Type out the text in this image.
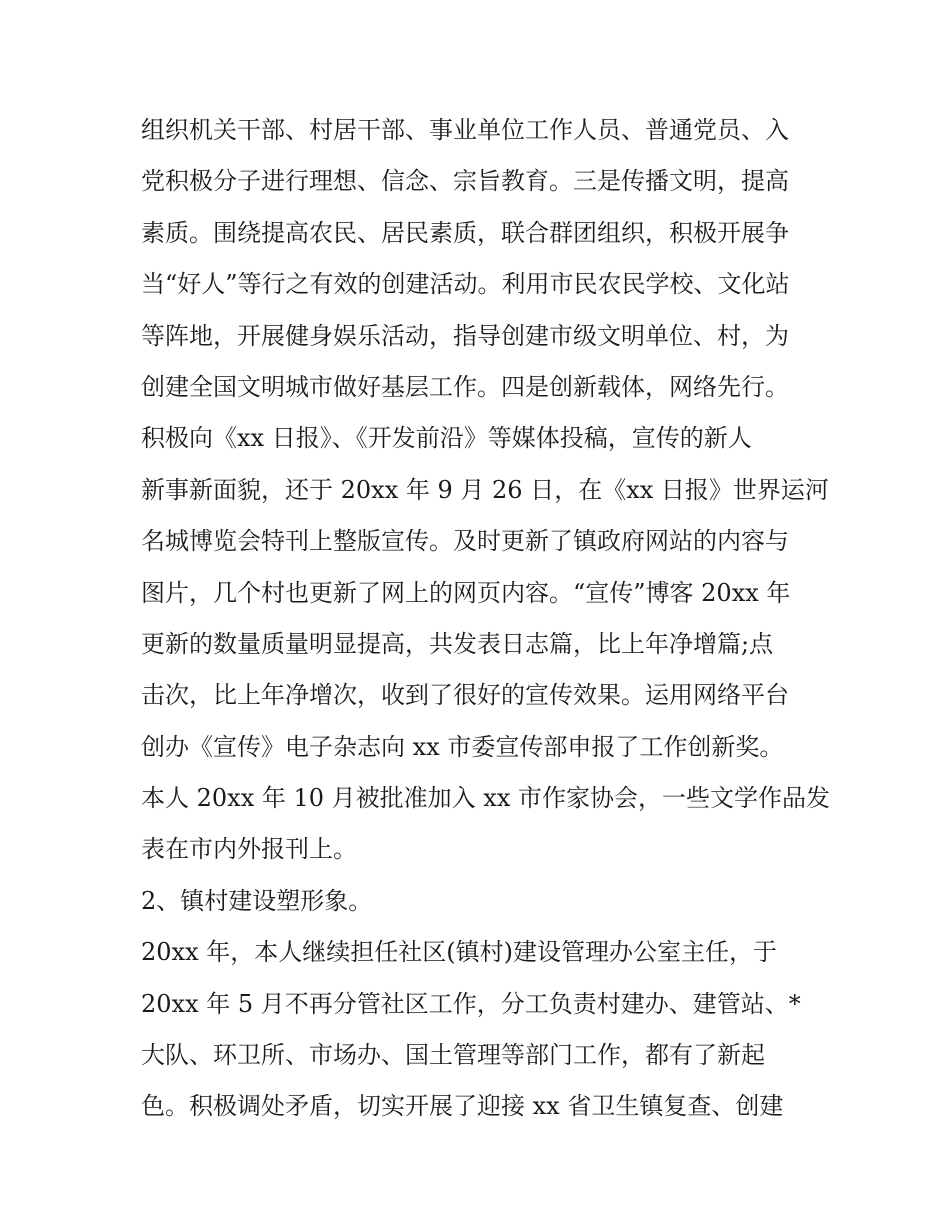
组织机关干部、村居干部、事业单位工作人员、普通党员、入
党积极分子进行理想、信念、宗旨教育。三是传播文明，提高
素质。围绕提高农民、居民素质，联合群团组织，积极开展争
当“好人”等行之有效的创建活动。利用市民农民学校、文化站
等阵地，开展健身娱乐活动，指导创建市级文明单位、村，为
创建全国文明城市做好基层工作。四是创新载体，网络先行。
积极向《xx 日报》、《开发前沿》等媒体投稿，宣传的新人
新事新面貌，还于 20xx 年 9 月 26 日，在《xx 日报》世界运河
名城博览会特刊上整版宣传。及时更新了镇政府网站的内容与
图片，几个村也更新了网上的网页内容。“宣传”博客 20xx 年
更新的数量质量明显提高，共发表日志篇，比上年净增篇;点
击次，比上年净增次，收到了很好的宣传效果。运用网络平台
创办《宣传》电子杂志向 xx 市委宣传部申报了工作创新奖。
本人 20xx 年 10 月被批准加入 xx 市作家协会，一些文学作品发
表在市内外报刊上。
2、镇村建设塑形象。
20xx 年，本人继续担任社区(镇村)建设管理办公室主任，于
20xx 年 5 月不再分管社区工作，分工负责村建办、建管站、*
大队、环卫所、市场办、国土管理等部门工作，都有了新起
色。积极调处矛盾，切实开展了迎接 xx 省卫生镇复查、创建
